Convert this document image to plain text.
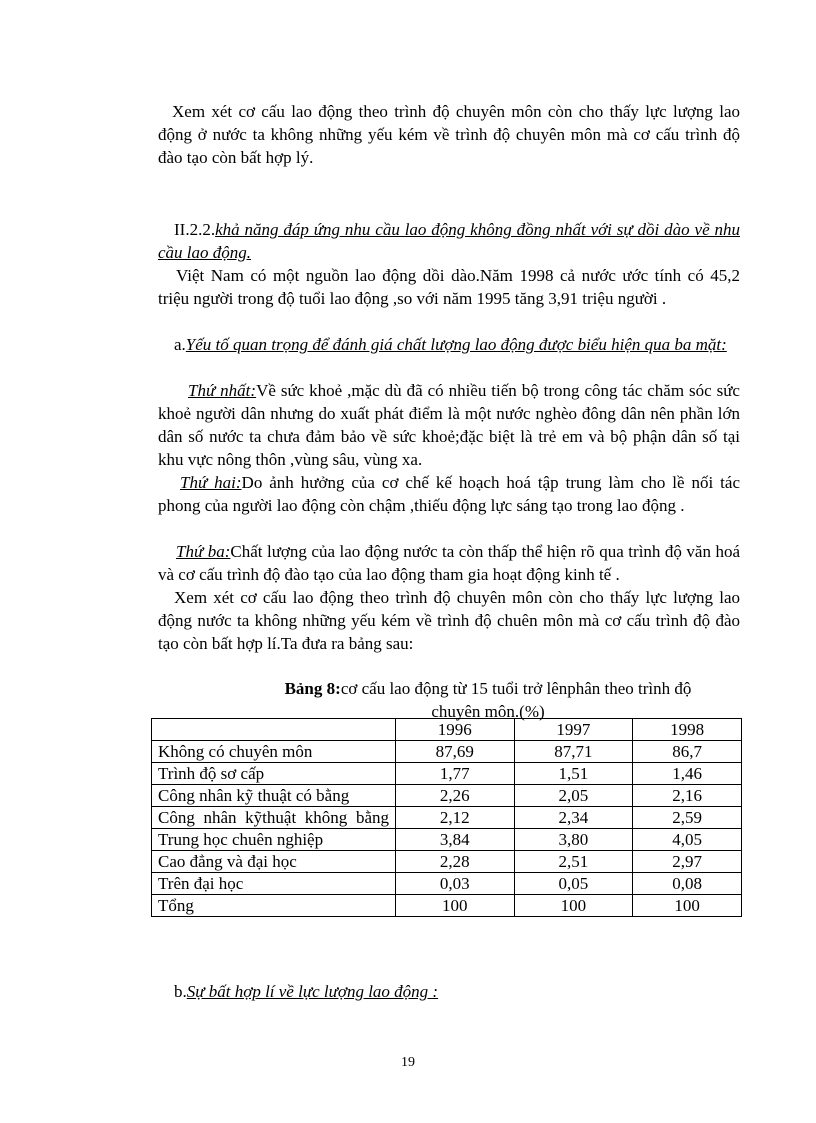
Xem xét cơ cấu lao động theo trình độ chuyên môn còn cho thấy lực lượng lao động ở nước ta không những yếu kém về trình độ chuyên môn mà cơ cấu trình độ đào tạo còn bất hợp lý.
II.2.2.khả năng đáp ứng nhu cầu lao động không đồng nhất với sự dồi dào về nhu cầu lao động.
Việt Nam có một nguồn lao động dồi dào.Năm 1998 cả nước ước tính có 45,2 triệu người trong độ tuổi lao động ,so với năm 1995 tăng 3,91 triệu người .
a.Yếu tố quan trọng để đánh giá chất lượng lao động được biểu hiện qua ba mặt:
Thứ nhất:Về sức khoẻ ,mặc dù đã có nhiều tiến bộ trong công tác chăm sóc sức khoẻ người dân nhưng do xuất phát điểm là một nước nghèo đông dân nên phần lớn dân số nước ta chưa đảm bảo về sức khoẻ;đặc biệt là trẻ em và bộ phận dân số tại khu vực nông thôn ,vùng sâu, vùng xa.
Thứ hai:Do ảnh hưởng của cơ chế kế hoạch hoá tập trung làm cho lề nối tác phong của người lao động còn chậm ,thiếu động lực sáng tạo trong lao động .
Thứ ba:Chất lượng của lao động nước ta còn thấp thể hiện rõ qua trình độ văn hoá và cơ cấu trình độ đào tạo của lao động tham gia hoạt động kinh tế .
Xem xét cơ cấu lao động theo trình độ chuyên môn còn cho thấy lực lượng lao động nước ta không những yếu kém về trình độ chuên môn mà cơ cấu trình độ đào tạo còn bất hợp lí.Ta đưa ra bảng sau:
Bảng 8:cơ cấu lao động từ 15 tuổi trở lênphân theo trình độ
chuyên môn.(%)
	1996	1997	1998
Không có chuyên môn	87,69	87,71	86,7
Trình độ sơ cấp	1,77	1,51	1,46
Công nhân kỹ thuật có bằng	2,26	2,05	2,16
Công nhân kỹthuật không bằng	2,12	2,34	2,59
Trung học chuên nghiệp	3,84	3,80	4,05
Cao đẳng và đại học	2,28	2,51	2,97
Trên đại học	0,03	0,05	0,08
Tổng	100	100	100
b.Sự bất hợp lí về lực lượng lao động :
19
